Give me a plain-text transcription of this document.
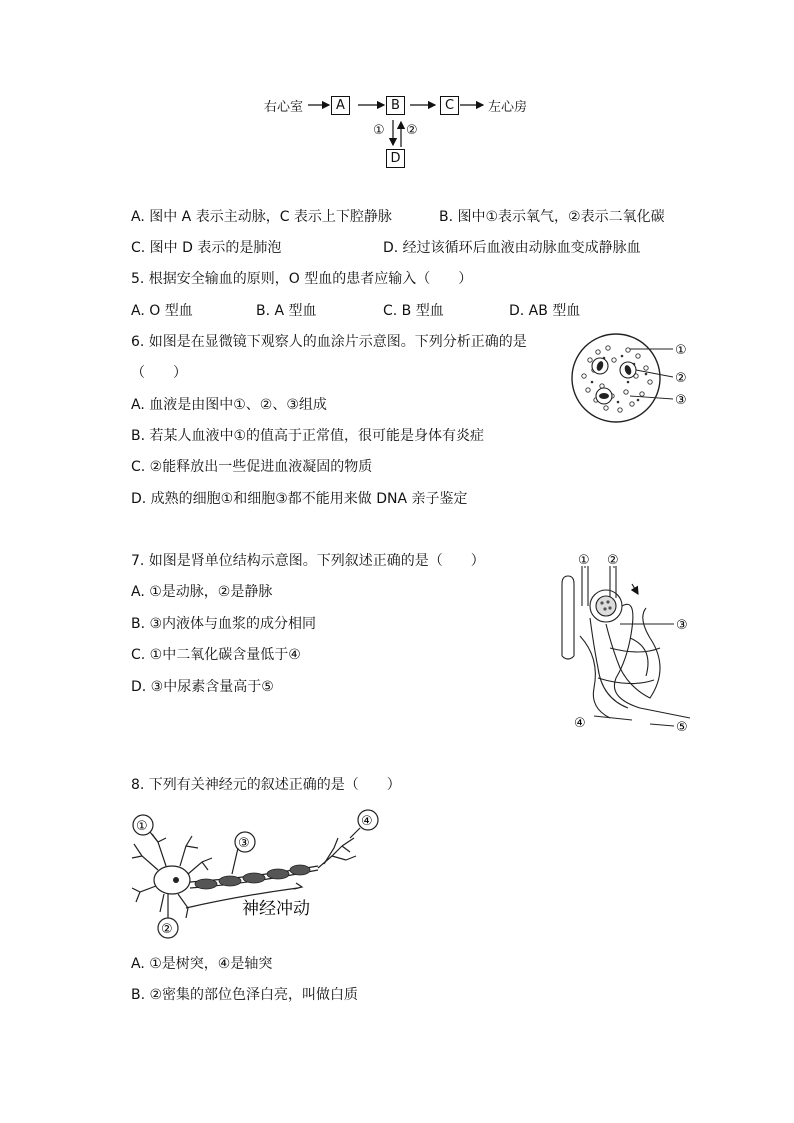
右心室	A	B	C	左心房
① ②
D
A. 图中 A 表示主动脉，C 表示上下腔静脉	B. 图中①表示氧气，②表示二氧化碳
C. 图中 D 表示的是肺泡	D. 经过该循环后血液由动脉血变成静脉血
5. 根据安全输血的原则，O 型血的患者应输入（　　）
A. O 型血	B. A 型血	C. B 型血	D. AB 型血
6. 如图是在显微镜下观察人的血涂片示意图。下列分析正确的是
（　　）
A. 血液是由图中①、②、③组成
B. 若某人血液中①的值高于正常值，很可能是身体有炎症
C. ②能释放出一些促进血液凝固的物质
D. 成熟的细胞①和细胞③都不能用来做 DNA 亲子鉴定
①
②
③
7. 如图是肾单位结构示意图。下列叙述正确的是（　　）
A. ①是动脉，②是静脉
B. ③内液体与血浆的成分相同
C. ①中二氧化碳含量低于④
D. ③中尿素含量高于⑤
① ②
③
④	⑤
8. 下列有关神经元的叙述正确的是（　　）
①
②
③
④
神经冲动
A. ①是树突，④是轴突
B. ②密集的部位色泽白亮，叫做白质
